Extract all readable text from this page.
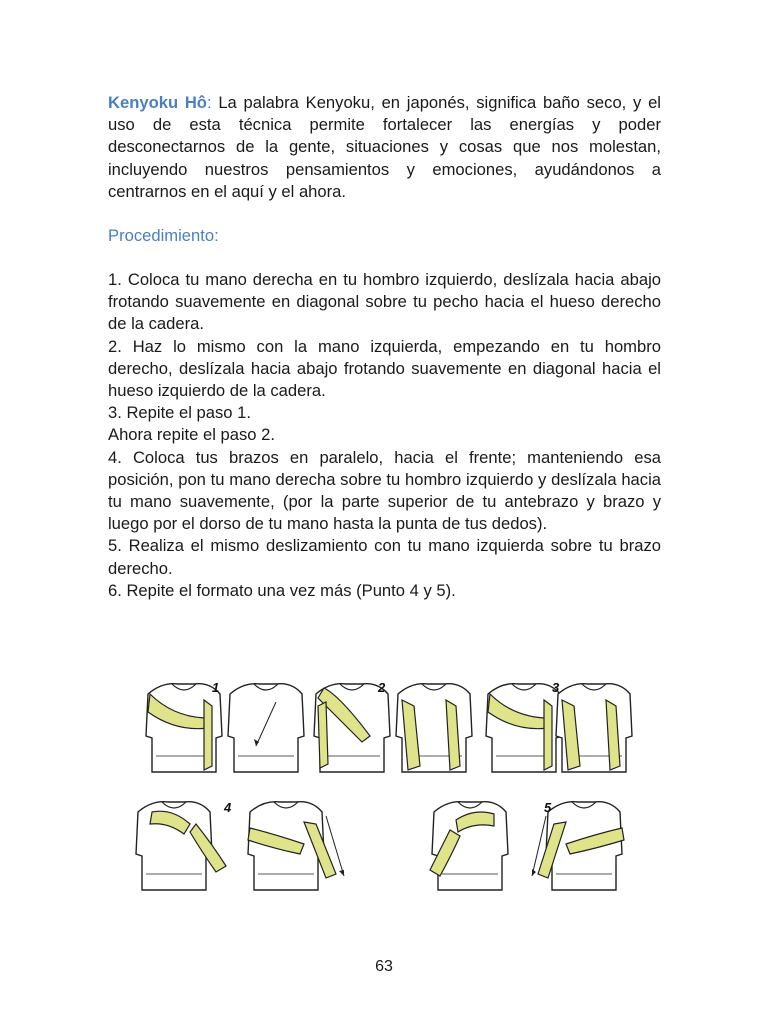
Kenyoku Hô: La palabra Kenyoku, en japonés, significa baño seco, y el uso de esta técnica permite fortalecer las energías y poder desconectarnos de la gente, situaciones y cosas que nos molestan, incluyendo nuestros pensamientos y emociones, ayudándonos a centrarnos en el aquí y el ahora.

Procedimiento:

1. Coloca tu mano derecha en tu hombro izquierdo, deslízala hacia abajo frotando suavemente en diagonal sobre tu pecho hacia el hueso derecho de la cadera.

2. Haz lo mismo con la mano izquierda, empezando en tu hombro derecho, deslízala hacia abajo frotando suavemente en diagonal hacia el hueso izquierdo de la cadera.

3. Repite el paso 1.

Ahora repite el paso 2.

4. Coloca tus brazos en paralelo, hacia el frente; manteniendo esa posición, pon tu mano derecha sobre tu hombro izquierdo y deslízala hacia tu mano suavemente, (por la parte superior de tu antebrazo y brazo y luego por el dorso de tu mano hasta la punta de tus dedos).

5. Realiza el mismo deslizamiento con tu mano izquierda sobre tu brazo derecho.

6. Repite el formato una vez más (Punto 4 y 5).

1	2	3
4	5
63
